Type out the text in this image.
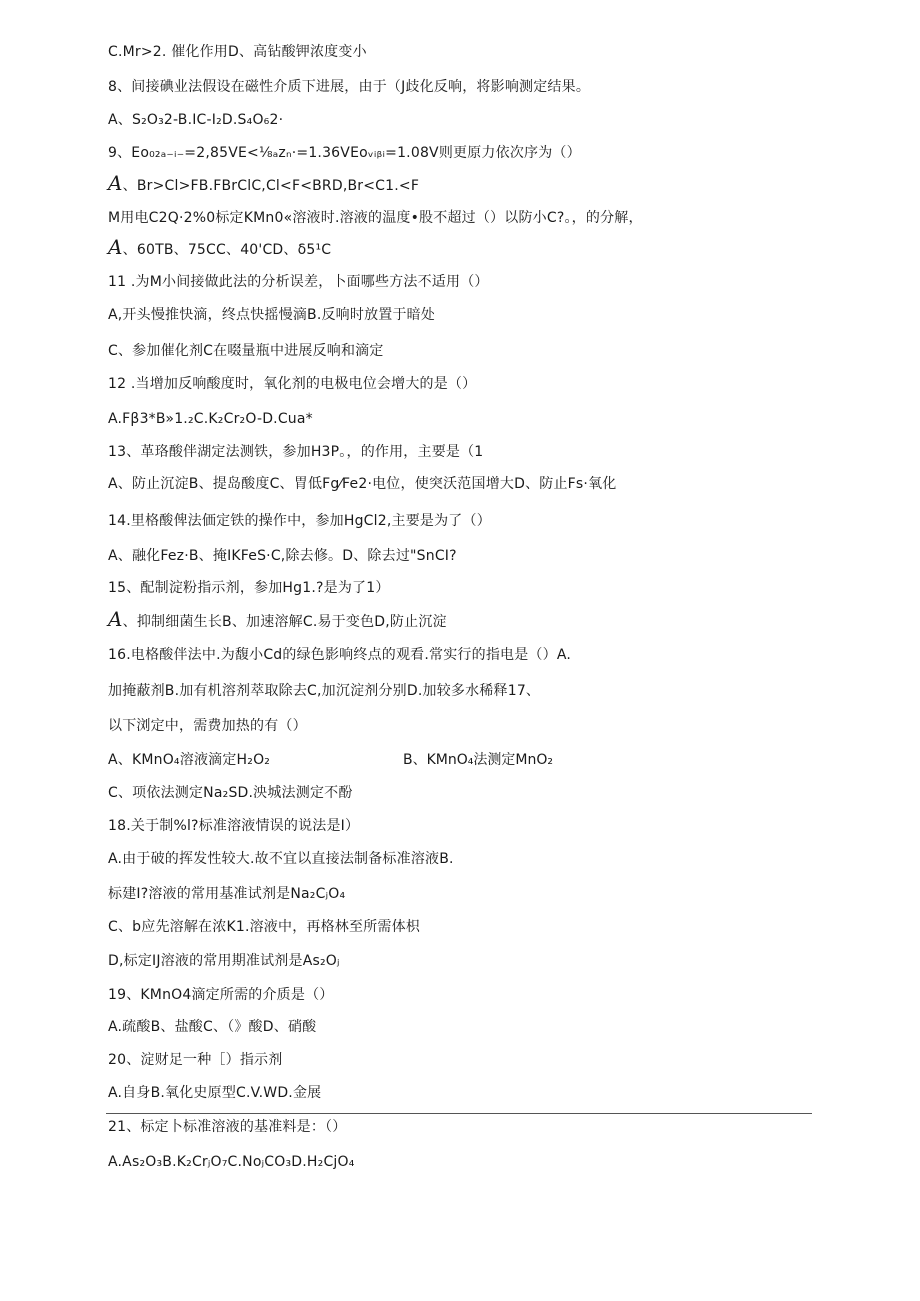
C.Mr>2. 催化作用D、高钻酸钾浓度变小
8、间接碘业法假设在磁性介质下进展，由于（J歧化反响，将影响测定结果。
A、S₂O₃2-B.IC-I₂D.S₄O₆2·
9、Eo₀₂ₐ₋ᵢ₋=2,85VE<⅛ₐzₙ·=1.36VEoᵥᵢᵦᵢ=1.08V则更原力依次序为（）
A、Br>Cl>FB.FBrClC,Cl<F<BRD,Br<C1.<F
M用电C2Q·2%0标定KMn0«溶液时.溶液的温度•股不超过（）以防小C?。，的分解，
A、60TB、75CC、40'CD、δ5¹C
11 .为M小间接做此法的分析误差，卜面哪些方法不适用（）
A,开头慢推快滴，终点快摇慢滴B.反响时放置于暗处
C、参加催化剂C在啜量瓶中进展反响和滴定
12 .当增加反响酸度时，氧化剂的电极电位会增大的是（）
A.Fβ3*B»1.₂C.K₂Cr₂O-D.Cua*
13、革珞酸伴湖定法测铁，参加H3P。，的作用，主要是（1
A、防止沉淀B、提岛酸度C、胃低Fg⁄Fe2·电位，使突沃范国增大D、防止Fs·氧化
14.里格酸俾法価定铁的操作中，参加HgCl2,主要是为了（）
A、融化Fez·B、掩IKFeS·C,除去修。D、除去过"SnCI?
15、配制淀粉指示剂，参加Hg1.?是为了1）
A、抑制细菌生长B、加速溶解C.易于变色D,防止沉淀
16.电格酸伴法中.为馥小Cd的绿色影响终点的观看.常实行的指电是（）A.
加掩蔽剂B.加有机溶剂萃取除去C,加沉淀剂分别D.加较多水稀释17、
以下浏定中，需费加热的有（）
A、KMnO₄溶液滴定H₂O₂	B、KMnO₄法测定MnO₂
C、项依法测定Na₂SD.泱城法测定不酚
18.关于制%l?标准溶液情误的说法是I）
A.由于破的挥发性较大.故不宜以直接法制备标准溶液B.
标建I?溶液的常用基准试剂是Na₂CⱼO₄
C、b应先溶解在浓K1.溶液中，再格林至所需体枳
D,标定IJ溶液的常用期准试剂是As₂Oⱼ
19、KMnO4滴定所需的介质是（）
A.疏酸B、盐酸C、（》酸D、硝酸
20、淀财足一种［）指示剂
A.自身B.氧化史原型C.V.WD.金展
21、标定卜标准溶液的基准料是：（）
A.As₂O₃B.K₂CrⱼO₇C.NoⱼCO₃D.H₂CjO₄
